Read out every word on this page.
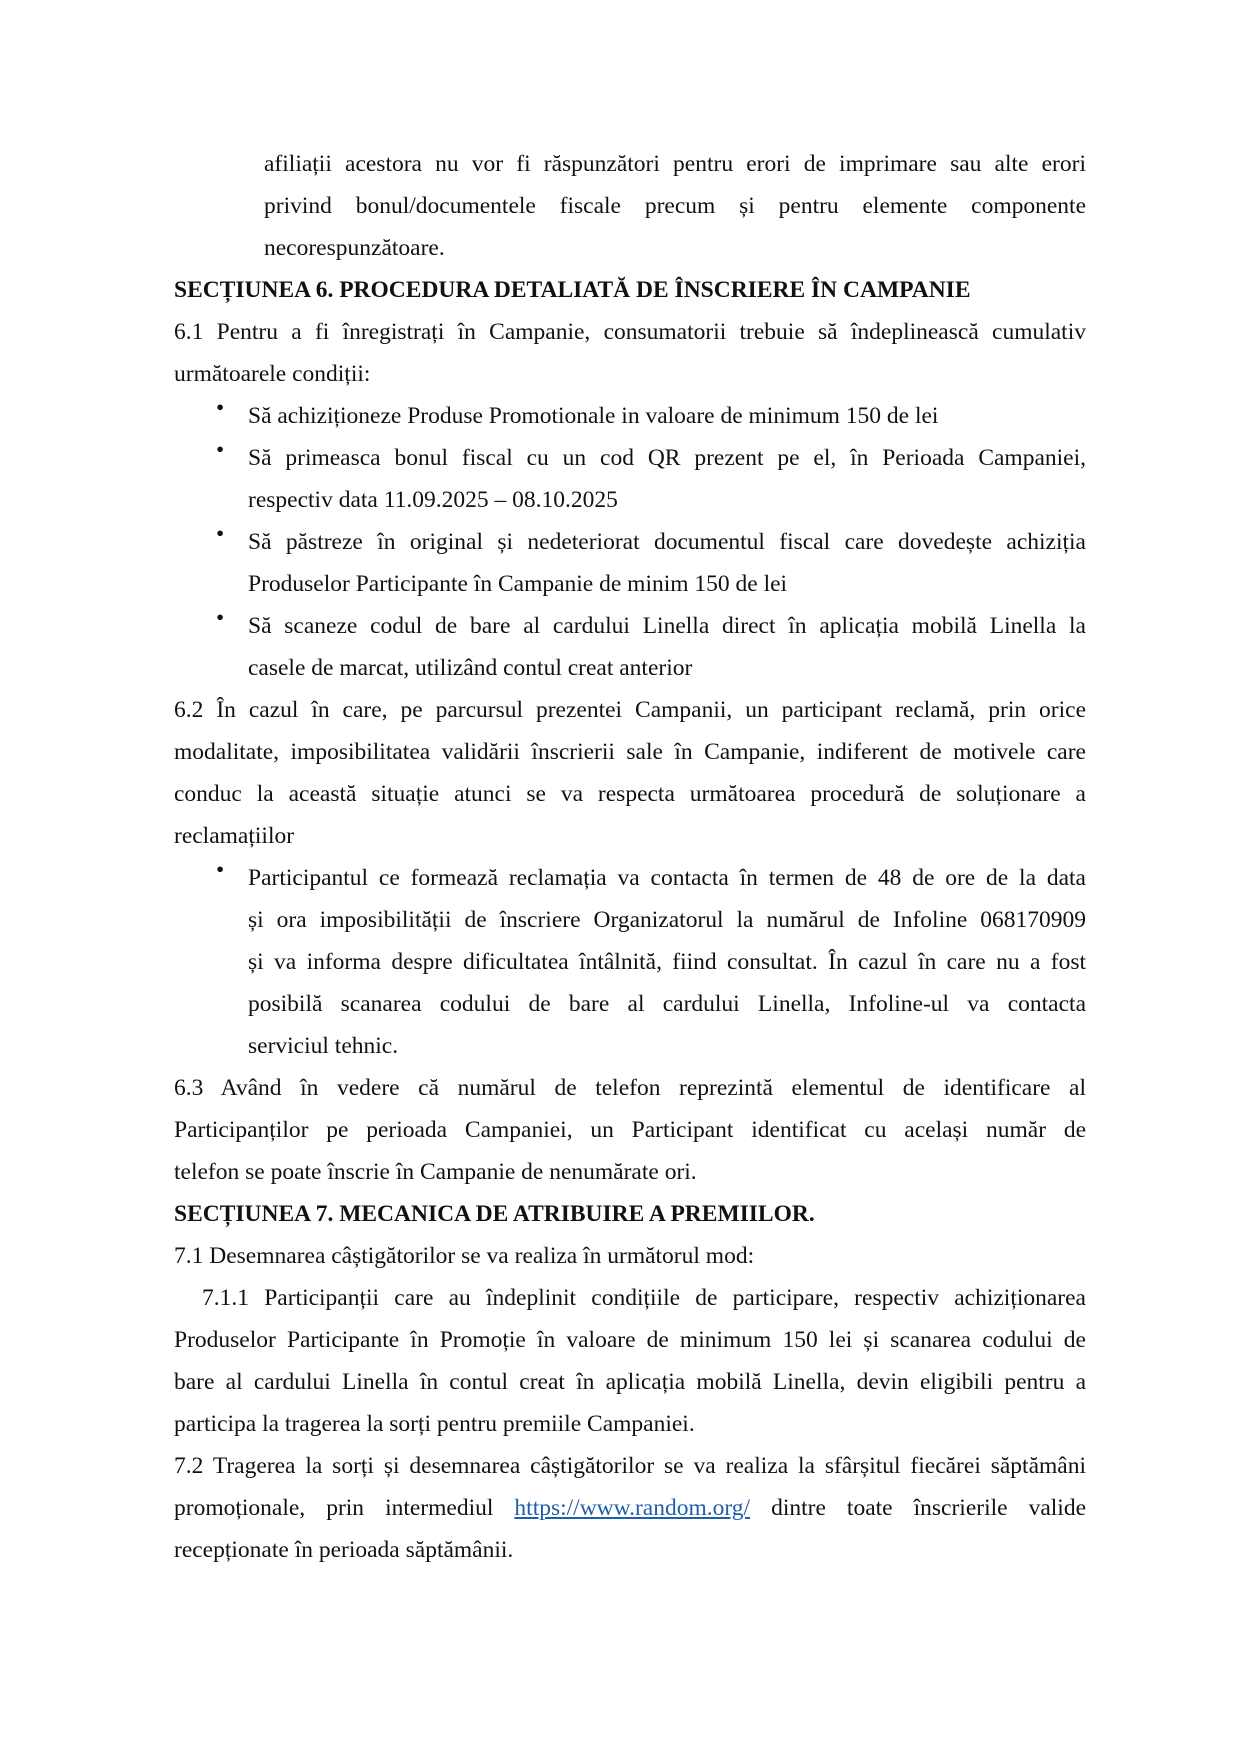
afiliații acestora nu vor fi răspunzători pentru erori de imprimare sau alte erori
privind bonul/documentele fiscale precum și pentru elemente componente
necorespunzătoare.
SECȚIUNEA 6. PROCEDURA DETALIATĂ DE ÎNSCRIERE ÎN CAMPANIE
6.1 Pentru a fi înregistrați în Campanie, consumatorii trebuie să îndeplinească cumulativ
următoarele condiții:
• Să achiziționeze Produse Promotionale in valoare de minimum 150 de lei
• Să primeasca bonul fiscal cu un cod QR prezent pe el, în Perioada Campaniei,
respectiv data 11.09.2025 – 08.10.2025
• Să păstreze în original și nedeteriorat documentul fiscal care dovedește achiziția
Produselor Participante în Campanie de minim 150 de lei
• Să scaneze codul de bare al cardului Linella direct în aplicația mobilă Linella la
casele de marcat, utilizând contul creat anterior
6.2 În cazul în care, pe parcursul prezentei Campanii, un participant reclamă, prin orice
modalitate, imposibilitatea validării înscrierii sale în Campanie, indiferent de motivele care
conduc la această situație atunci se va respecta următoarea procedură de soluționare a
reclamațiilor
• Participantul ce formează reclamația va contacta în termen de 48 de ore de la data
și ora imposibilității de înscriere Organizatorul la numărul de Infoline 068170909
și va informa despre dificultatea întâlnită, fiind consultat. În cazul în care nu a fost
posibilă scanarea codului de bare al cardului Linella, Infoline-ul va contacta
serviciul tehnic.
6.3 Având în vedere că numărul de telefon reprezintă elementul de identificare al
Participanților pe perioada Campaniei, un Participant identificat cu același număr de
telefon se poate înscrie în Campanie de nenumărate ori.
SECȚIUNEA 7. MECANICA DE ATRIBUIRE A PREMIILOR.
7.1 Desemnarea câștigătorilor se va realiza în următorul mod:
7.1.1 Participanții care au îndeplinit condițiile de participare, respectiv achiziționarea
Produselor Participante în Promoție în valoare de minimum 150 lei și scanarea codului de
bare al cardului Linella în contul creat în aplicația mobilă Linella, devin eligibili pentru a
participa la tragerea la sorți pentru premiile Campaniei.
7.2 Tragerea la sorți și desemnarea câștigătorilor se va realiza la sfârșitul fiecărei săptămâni
promoționale, prin intermediul https://www.random.org/ dintre toate înscrierile valide
recepționate în perioada săptămânii.
